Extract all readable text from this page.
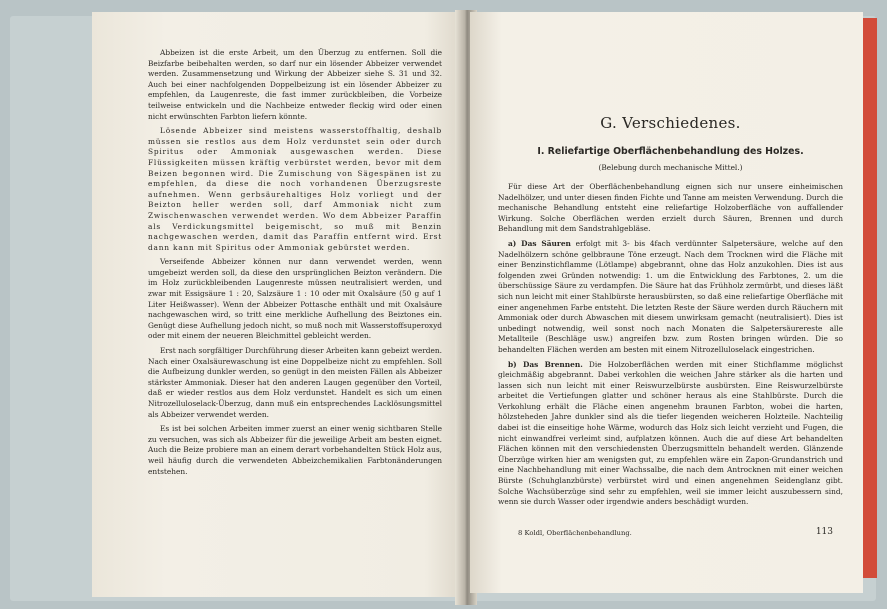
Abbeizen ist die erste Arbeit, um den Überzug zu entfernen. Soll die Beizfarbe beibehalten werden, so darf nur ein lösender Abbeizer verwendet werden. Zusammensetzung und Wirkung der Abbeizer siehe S. 31 und 32. Auch bei einer nachfolgenden Doppelbeizung ist ein lösender Abbeizer zu empfehlen, da Laugenreste, die fast immer zurückbleiben, die Vorbeize teilweise entwickeln und die Nachbeize entweder fleckig wird oder einen nicht erwünschten Farbton liefern könnte.

Lösende Abbeizer sind meistens wasserstoffhaltig, deshalb müssen sie restlos aus dem Holz verdunstet sein oder durch Spiritus oder Ammoniak ausgewaschen werden. Diese Flüssigkeiten müssen kräftig verbürstet werden, bevor mit dem Beizen begonnen wird. Die Zumischung von Sägespänen ist zu empfehlen, da diese die noch vorhandenen Überzugsreste aufnehmen. Wenn gerbsäurehaltiges Holz vorliegt und der Beizton heller werden soll, darf Ammoniak nicht zum Zwischenwaschen verwendet werden. Wo dem Abbeizer Paraffin als Verdickungsmittel beigemischt, so muß mit Benzin nachgewaschen werden, damit das Paraffin entfernt wird. Erst dann kann mit Spiritus oder Ammoniak gebürstet werden.

Verseifende Abbeizer können nur dann verwendet werden, wenn umgebeizt werden soll, da diese den ursprünglichen Beizton verändern. Die im Holz zurückbleibenden Laugenreste müssen neutralisiert werden, und zwar mit Essigsäure 1 : 20, Salzsäure 1 : 10 oder mit Oxalsäure (50 g auf 1 Liter Heißwasser). Wenn der Abbeizer Pottasche enthält und mit Oxalsäure nachgewaschen wird, so tritt eine merkliche Aufhellung des Beiztones ein. Genügt diese Aufhellung jedoch nicht, so muß noch mit Wasserstoffsuperoxyd oder mit einem der neueren Bleichmittel gebleicht werden.

Erst nach sorgfältiger Durchführung dieser Arbeiten kann gebeizt werden. Nach einer Oxalsäurewaschung ist eine Doppelbeize nicht zu empfehlen. Soll die Aufbeizung dunkler werden, so genügt in den meisten Fällen als Abbeizer stärkster Ammoniak. Dieser hat den anderen Laugen gegenüber den Vorteil, daß er wieder restlos aus dem Holz verdunstet. Handelt es sich um einen Nitrozelluloselack-Überzug, dann muß ein entsprechendes Lacklösungsmittel als Abbeizer verwendet werden.

Es ist bei solchen Arbeiten immer zuerst an einer wenig sichtbaren Stelle zu versuchen, was sich als Abbeizer für die jeweilige Arbeit am besten eignet. Auch die Beize probiere man an einem derart vorbehandelten Stück Holz aus, weil häufig durch die verwendeten Abbeizchemikalien Farbtonänderungen entstehen.

G. Verschiedenes.
I. Reliefartige Oberflächenbehandlung des Holzes.
(Belebung durch mechanische Mittel.)

Für diese Art der Oberflächenbehandlung eignen sich nur unsere einheimischen Nadelhölzer, und unter diesen finden Fichte und Tanne am meisten Verwendung. Durch die mechanische Behandlung entsteht eine reliefartige Holzoberfläche von auffallender Wirkung. Solche Oberflächen werden erzielt durch Säuren, Brennen und durch Behandlung mit dem Sandstrahlgebläse.

a) Das Säuren erfolgt mit 3- bis 4fach verdünnter Salpetersäure, welche auf den Nadelhölzern schöne gelbbraune Töne erzeugt. Nach dem Trocknen wird die Fläche mit einer Benzinstichflamme (Lötlampe) abgebrannt, ohne das Holz anzukohlen. Dies ist aus folgenden zwei Gründen notwendig: 1. um die Entwicklung des Farbtones, 2. um die überschüssige Säure zu verdampfen. Die Säure hat das Frühholz zermürbt, und dieses läßt sich nun leicht mit einer Stahlbürste herausbürsten, so daß eine reliefartige Oberfläche mit einer angenehmen Farbe entsteht. Die letzten Reste der Säure werden durch Räuchern mit Ammoniak oder durch Abwaschen mit diesem unwirksam gemacht (neutralisiert). Dies ist unbedingt notwendig, weil sonst noch nach Monaten die Salpetersäurereste alle Metallteile (Beschläge usw.) angreifen bzw. zum Rosten bringen würden. Die so behandelten Flächen werden am besten mit einem Nitrozelluloselack eingestrichen.

b) Das Brennen. Die Holzoberflächen werden mit einer Stichflamme möglichst gleichmäßig abgebrannt. Dabei verkohlen die weichen Jahre stärker als die harten und lassen sich nun leicht mit einer Reiswurzelbürste ausbürsten. Eine Reiswurzelbürste arbeitet die Vertiefungen glatter und schöner heraus als eine Stahlbürste. Durch die Verkohlung erhält die Fläche einen angenehm braunen Farbton, wobei die harten, hölzsteheden Jahre dunkler sind als die tiefer liegenden weicheren Holzteile. Nachteilig dabei ist die einseitige hohe Wärme, wodurch das Holz sich leicht verzieht und Fugen, die nicht einwandfrei verleimt sind, aufplatzen können. Auch die auf diese Art behandelten Flächen können mit den verschiedensten Überzugsmitteln behandelt werden. Glänzende Überzüge wirken hier am wenigsten gut, zu empfehlen wäre ein Zapon-Grundanstrich und eine Nachbehandlung mit einer Wachssalbe, die nach dem Antrocknen mit einer weichen Bürste (Schuhglanzbürste) verbürstet wird und einen angenehmen Seidenglanz gibt. Solche Wachsüberzüge sind sehr zu empfehlen, weil sie immer leicht auszubessern sind, wenn sie durch Wasser oder irgendwie anders beschädigt wurden.

8 Koldl, Oberflächenbehandlung.	113
